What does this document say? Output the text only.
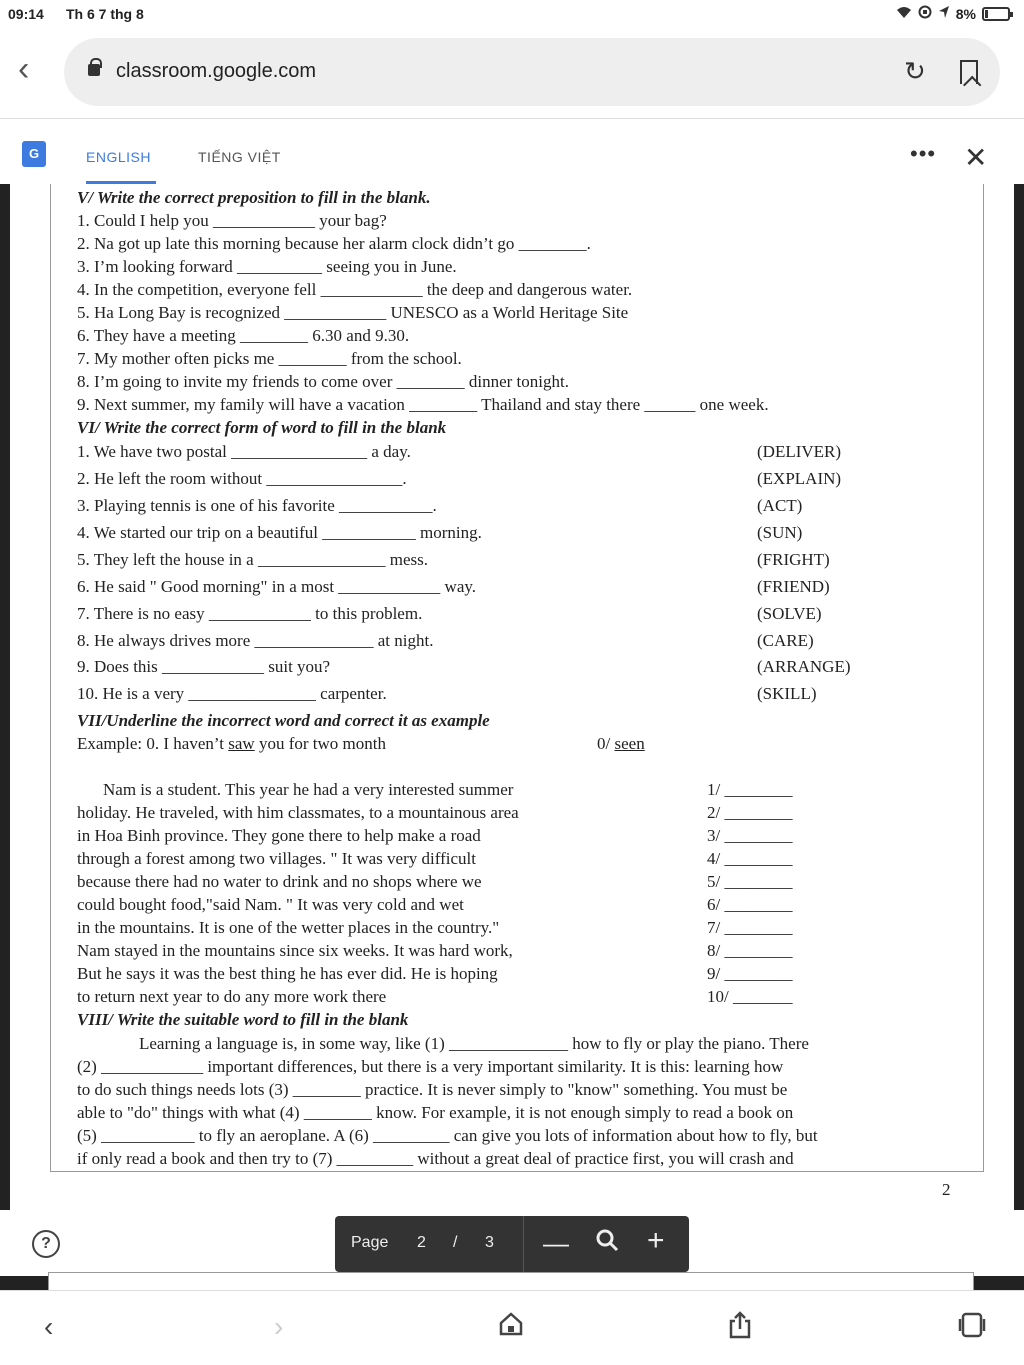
09:14 Th 6 7 thg 8	8%
‹	classroom.google.com	↻
G	ENGLISH	TIẾNG VIỆT	••• ✕
V/ Write the correct preposition to fill in the blank.
1. Could I help you ____________ your bag?
2. Na got up late this morning because her alarm clock didn’t go ________.
3. I’m looking forward __________ seeing you in June.
4. In the competition, everyone fell ____________ the deep and dangerous water.
5. Ha Long Bay is recognized ____________ UNESCO as a World Heritage Site
6. They have a meeting ________ 6.30 and 9.30.
7. My mother often picks me ________ from the school.
8. I’m going to invite my friends to come over ________ dinner tonight.
9. Next summer, my family will have a vacation ________ Thailand and stay there ______ one week.
VI/ Write the correct form of word to fill in the blank
1. We have two postal ________________ a day.	(DELIVER)
2. He left the room without ________________.	(EXPLAIN)
3. Playing tennis is one of his favorite ___________.	(ACT)
4. We started our trip on a beautiful ___________ morning.	(SUN)
5. They left the house in a _______________ mess.	(FRIGHT)
6. He said " Good morning" in a most ____________ way.	(FRIEND)
7. There is no easy ____________ to this problem.	(SOLVE)
8. He always drives more ______________ at night.	(CARE)
9. Does this ____________ suit you?	(ARRANGE)
10. He is a very _______________ carpenter.	(SKILL)
VII/Underline the incorrect word and correct it as example
Example: 0. I haven’t saw you for two month	0/ seen
Nam is a student. This year he had a very interested summer
holiday. He traveled, with him classmates, to a mountainous area
in Hoa Binh province. They gone there to help make a road
through a forest among two villages. " It was very difficult
because there had no water to drink and no shops where we
could bought food,"said Nam. " It was very cold and wet
in the mountains. It is one of the wetter places in the country."
Nam stayed in the mountains since six weeks. It was hard work,
But he says it was the best thing he has ever did. He is hoping
to return next year to do any more work there
1/ ________
2/ ________
3/ ________
4/ ________
5/ ________
6/ ________
7/ ________
8/ ________
9/ ________
10/ _______
VIII/ Write the suitable word to fill in the blank
Learning a language is, in some way, like (1) ______________ how to fly or play the piano. There
(2) ____________ important differences, but there is a very important similarity. It is this: learning how
to do such things needs lots (3) ________ practice. It is never simply to "know" something. You must be
able to "do" things with what (4) ________ know. For example, it is not enough simply to read a book on
(5) ___________ to fly an aeroplane. A (6) _________ can give you lots of information about how to fly, but
if only read a book and then try to (7) _________ without a great deal of practice first, you will crash and
2
?	Page 2 / 3 —	+
‹	›
